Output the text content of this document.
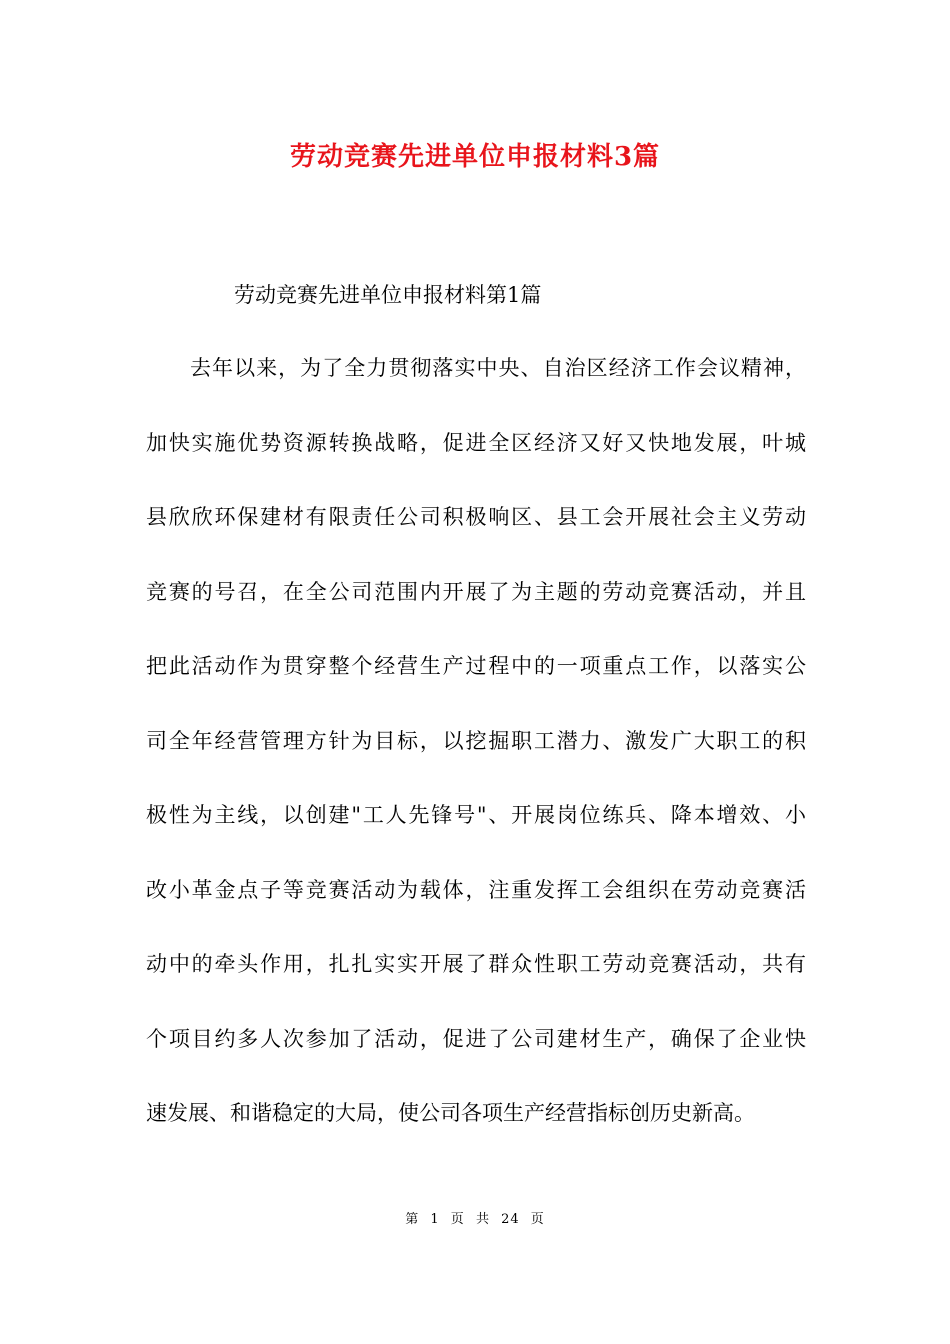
劳动竞赛先进单位申报材料3篇

劳动竞赛先进单位申报材料第1篇

去年以来，为了全力贯彻落实中央、自治区经济工作会议精神，
加快实施优势资源转换战略，促进全区经济又好又快地发展，叶城
县欣欣环保建材有限责任公司积极响区、县工会开展社会主义劳动
竞赛的号召，在全公司范围内开展了为主题的劳动竞赛活动，并且
把此活动作为贯穿整个经营生产过程中的一项重点工作，以落实公
司全年经营管理方针为目标，以挖掘职工潜力、激发广大职工的积
极性为主线，以创建"工人先锋号"、开展岗位练兵、降本增效、小
改小革金点子等竞赛活动为载体，注重发挥工会组织在劳动竞赛活
动中的牵头作用，扎扎实实开展了群众性职工劳动竞赛活动，共有
个项目约多人次参加了活动，促进了公司建材生产，确保了企业快
速发展、和谐稳定的大局，使公司各项生产经营指标创历史新高。
第 1 页 共 24 页
